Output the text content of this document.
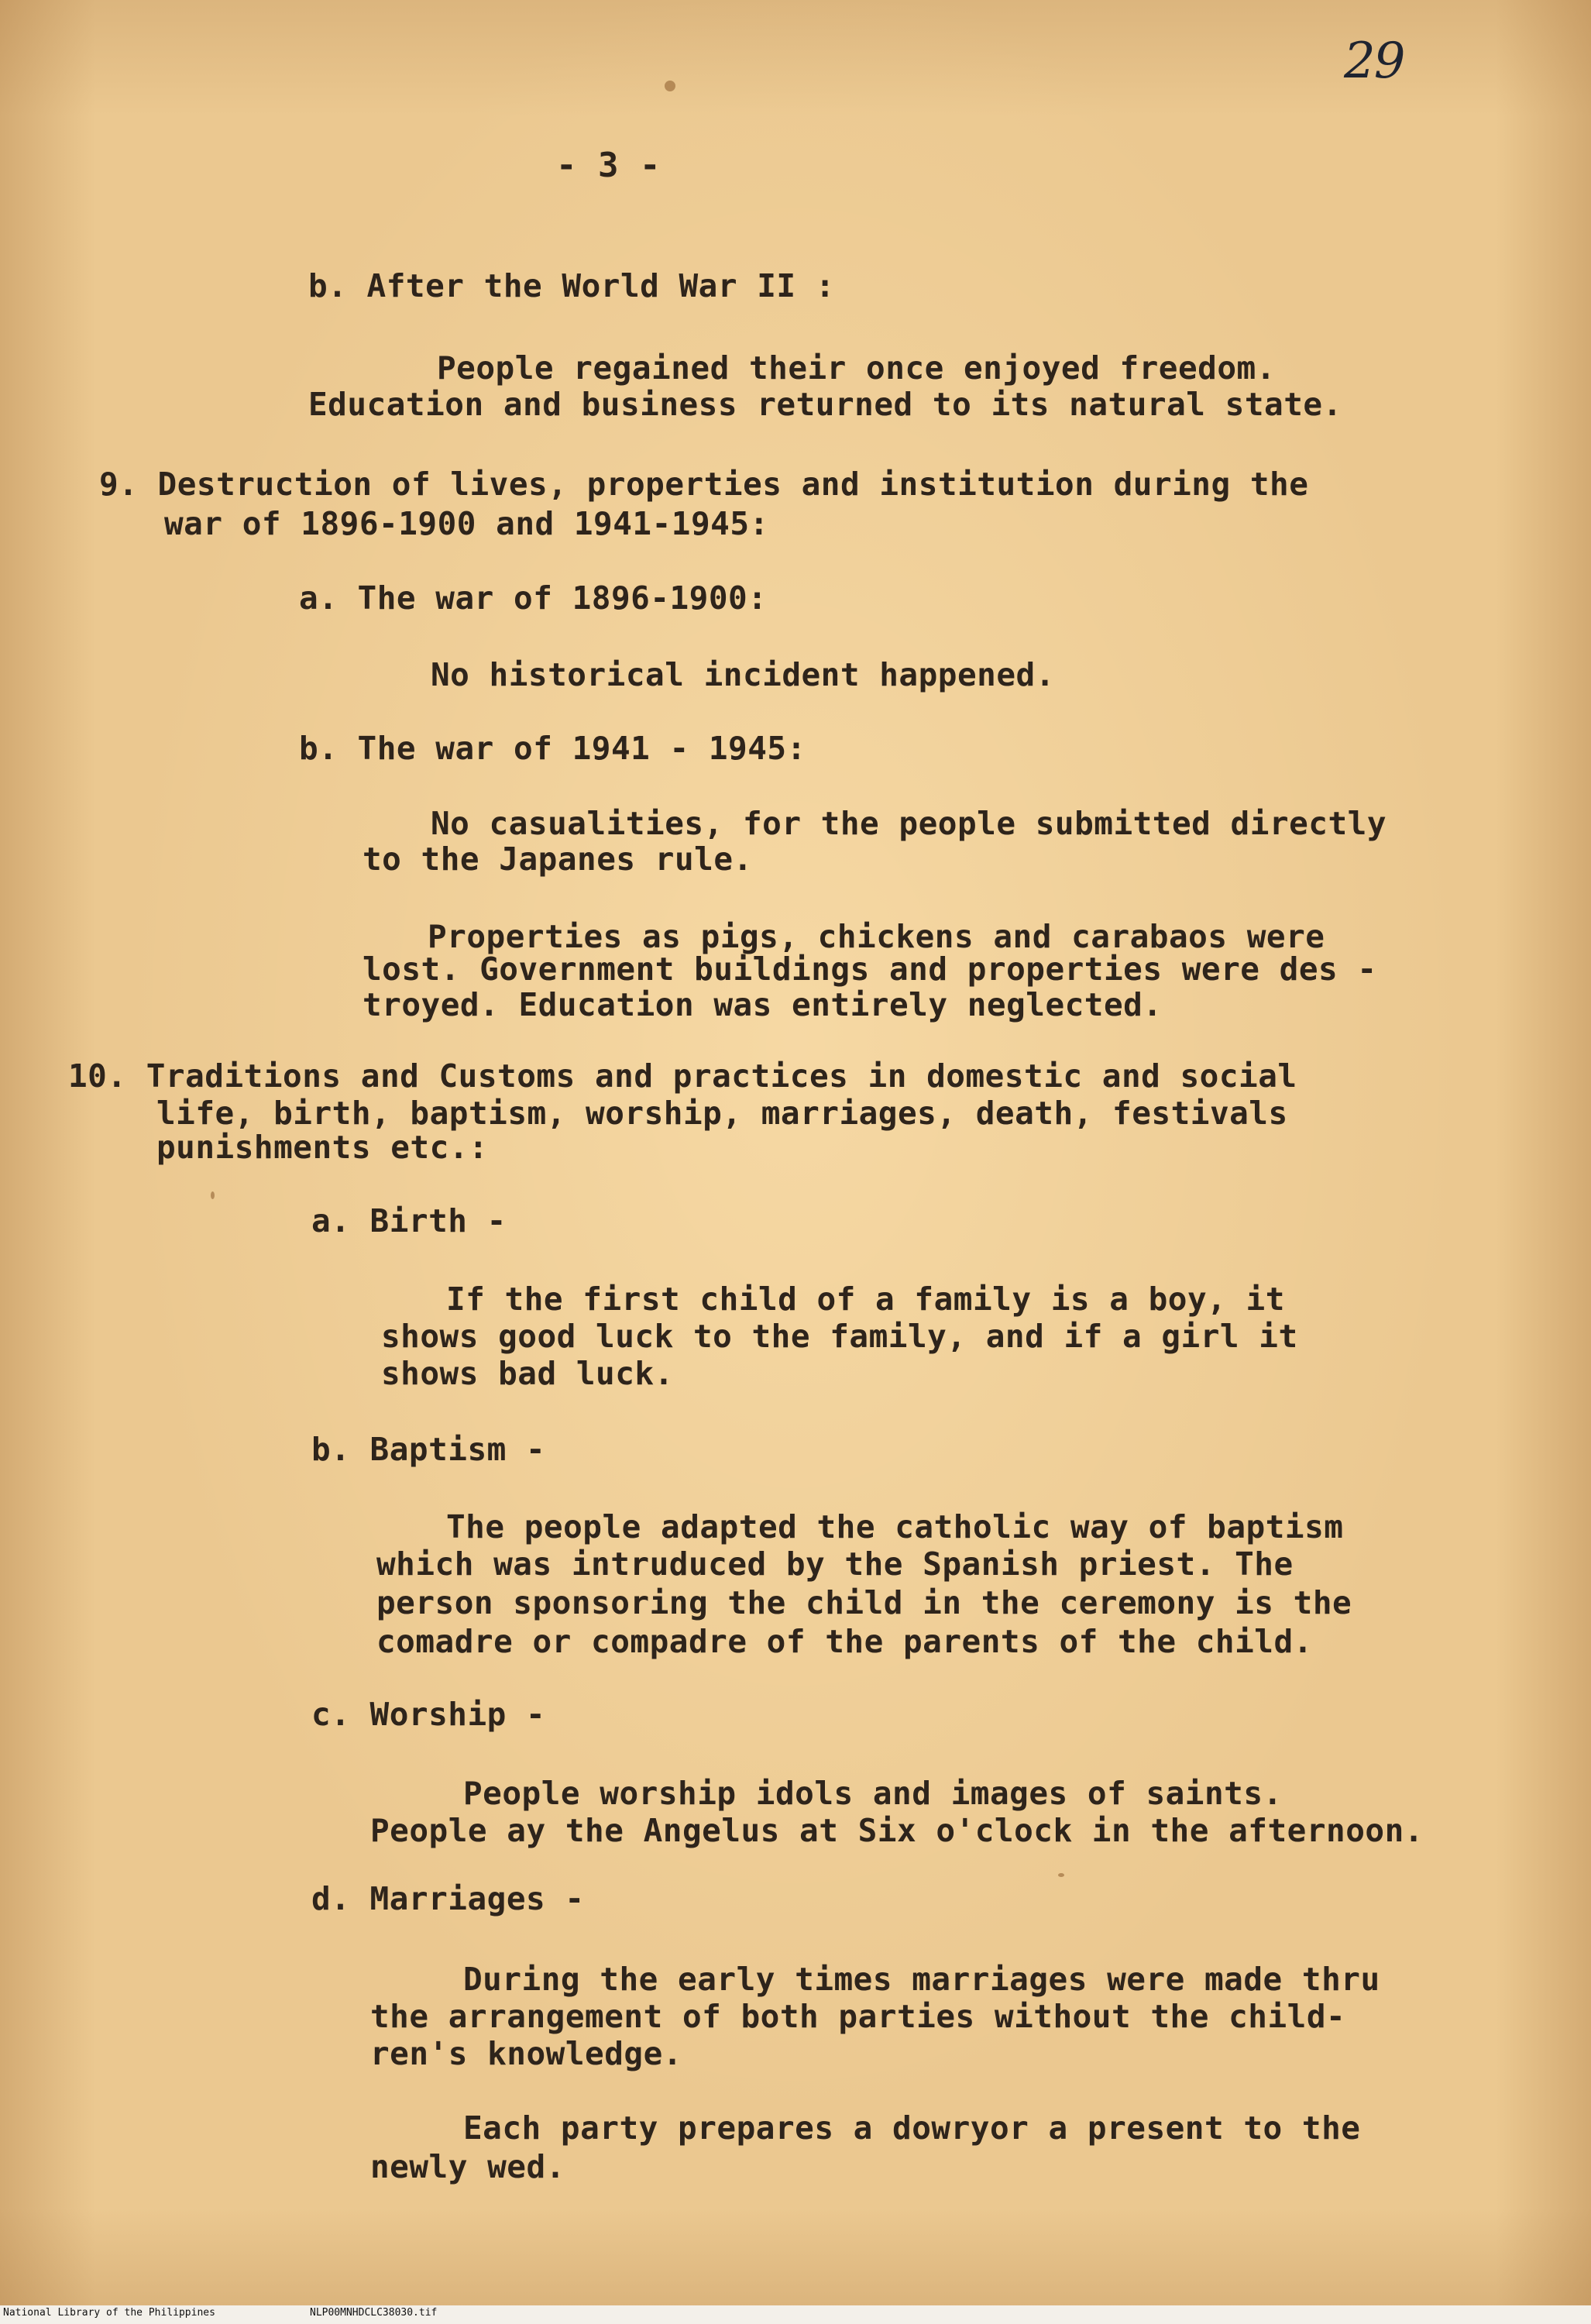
29
- 3 -
b. After the World War II :
People regained their once enjoyed freedom.
Education and business returned to its natural state.
9. Destruction of lives, properties and institution during the
war of 1896-1900 and 1941-1945:
a. The war of 1896-1900:
No historical incident happened.
b. The war of 1941 - 1945:
No casualities, for the people submitted directly
to the Japanes rule.
Properties as pigs, chickens and carabaos were
lost. Government buildings and properties were des -
troyed. Education was entirely neglected.
10. Traditions and Customs and practices in domestic and social
life, birth, baptism, worship, marriages, death, festivals
punishments etc.:
a. Birth -
If the first child of a family is a boy, it
shows good luck to the family, and if a girl it
shows bad luck.
b. Baptism -
The people adapted the catholic way of baptism
which was intruduced by the Spanish priest. The
person sponsoring the child in the ceremony is the
comadre or compadre of the parents of the child.
c. Worship -
People worship idols and images of saints.
People ay the Angelus at Six o'clock in the afternoon.
d. Marriages -
During the early times marriages were made thru
the arrangement of both parties without the child-
ren's knowledge.
Each party prepares a dowryor a present to the
newly wed.
National Library of the Philippines	NLP00MNHDCLC38030.tif
